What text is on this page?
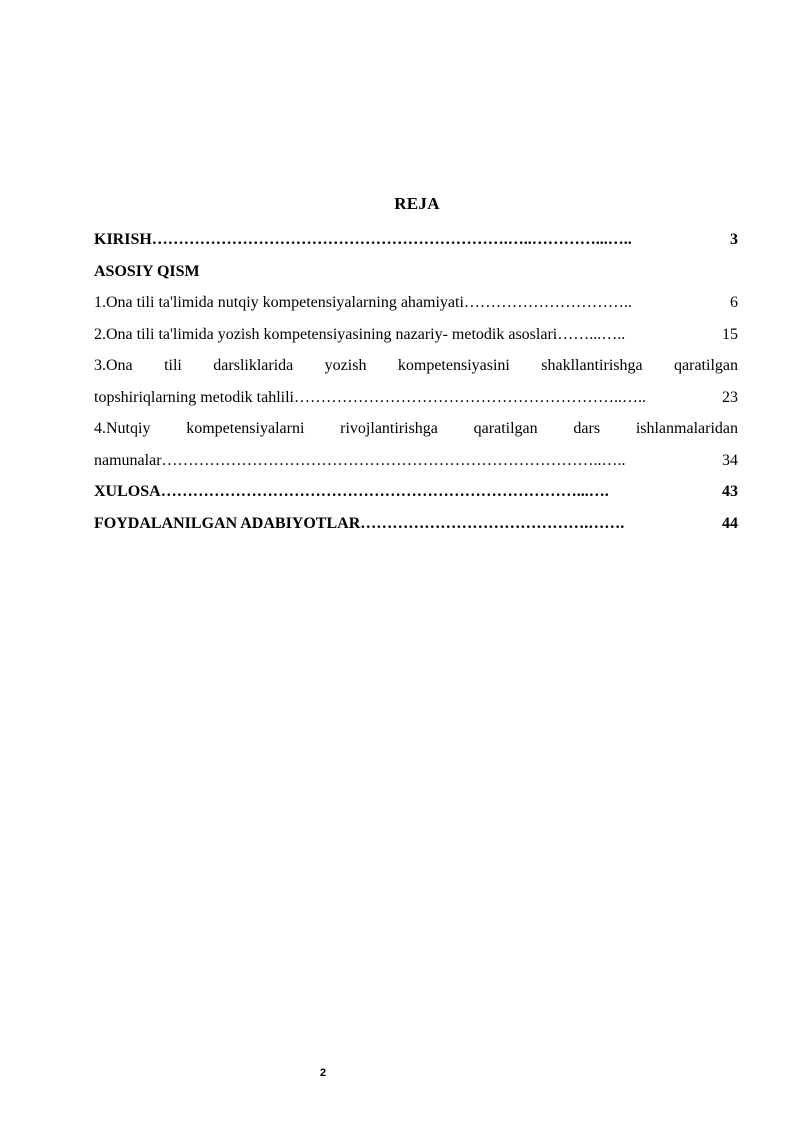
REJA
KIRISH ………………………………………………………….…..…………...…..	3
ASOSIY QISM
1.Ona tili ta'limida nutqiy kompetensiyalarning ahamiyati …………………………..	6
2.Ona tili ta'limida yozish kompetensiyasining nazariy- metodik asoslari ……...…..	15
3.Ona tili darsliklarida yozish kompetensiyasini shakllantirishga qaratilgan
topshiriqlarning metodik tahlili ……………………………………………………..…..	23
4.Nutqiy kompetensiyalarni rivojlantirishga qaratilgan dars ishlanmalaridan
namunalar ………………………………………………………………………..…..	34
XULOSA ……………………………………………………………………...….	43
FOYDALANILGAN ADABIYOTLAR …………………………………….…….	44
2
